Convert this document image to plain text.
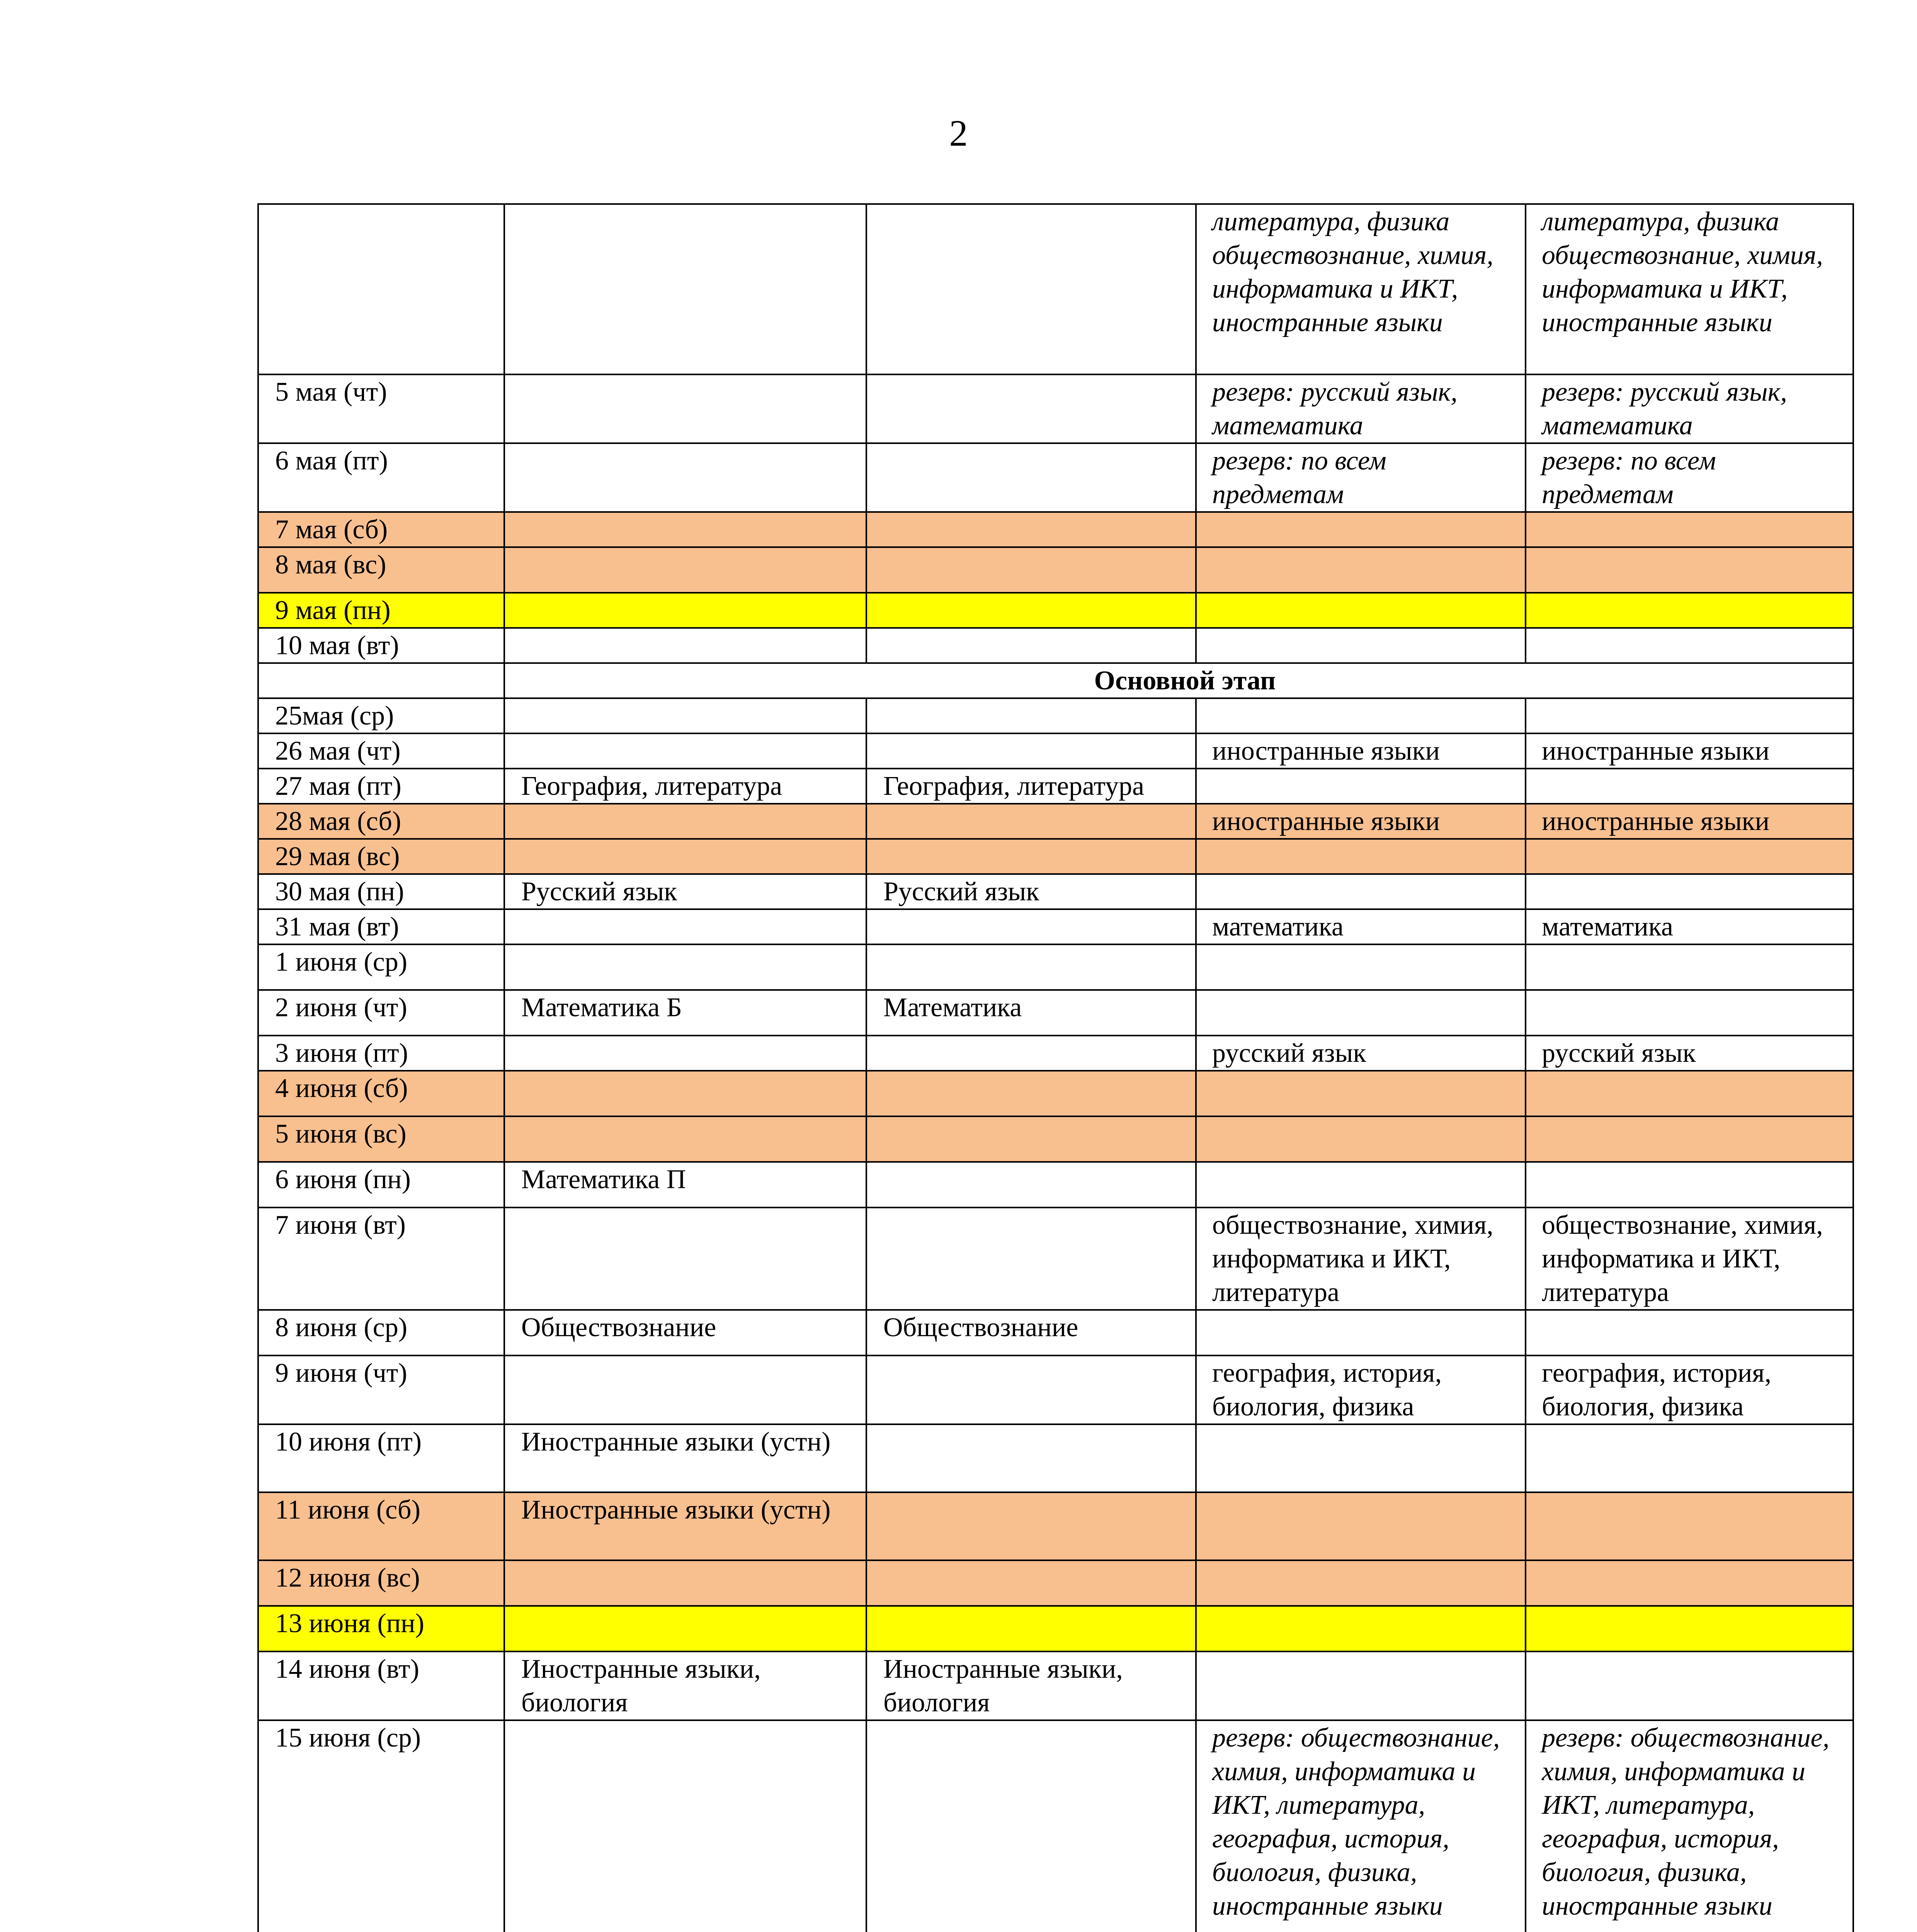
2
			литература, физика обществознание, химия, информатика и ИКТ, иностранные языки	литература, физика обществознание, химия, информатика и ИКТ, иностранные языки
5 мая (чт)			резерв: русский язык, математика	резерв: русский язык, математика
6 мая (пт)			резерв: по всем предметам	резерв: по всем предметам
7 мая (сб)				
8 мая (вс)				
9 мая (пн)				
10 мая (вт)				
	Основной этап			
25мая (ср)				
26 мая (чт)			иностранные языки	иностранные языки
27 мая (пт)	География, литература	География, литература		
28 мая (сб)			иностранные языки	иностранные языки
29 мая (вс)				
30 мая (пн)	Русский язык	Русский язык		
31 мая (вт)			математика	математика
1 июня (ср)				
2 июня (чт)	Математика Б	Математика		
3 июня (пт)			русский язык	русский язык
4 июня (сб)				
5 июня (вс)				
6 июня (пн)	Математика П			
7 июня (вт)			обществознание, химия, информатика и ИКТ, литература	обществознание, химия, информатика и ИКТ, литература
8 июня (ср)	Обществознание	Обществознание		
9 июня (чт)			география, история, биология, физика	география, история, биология, физика
10 июня (пт)	Иностранные языки (устн)			
11 июня (сб)	Иностранные языки (устн)			
12 июня (вс)				
13 июня (пн)				
14 июня (вт)	Иностранные языки, биология	Иностранные языки, биология		
15 июня (ср)			резерв: обществознание, химия, информатика и ИКТ, литература, география, история, биология, физика, иностранные языки	резерв: обществознание, химия, информатика и ИКТ, литература, география, история, биология, физика, иностранные языки
